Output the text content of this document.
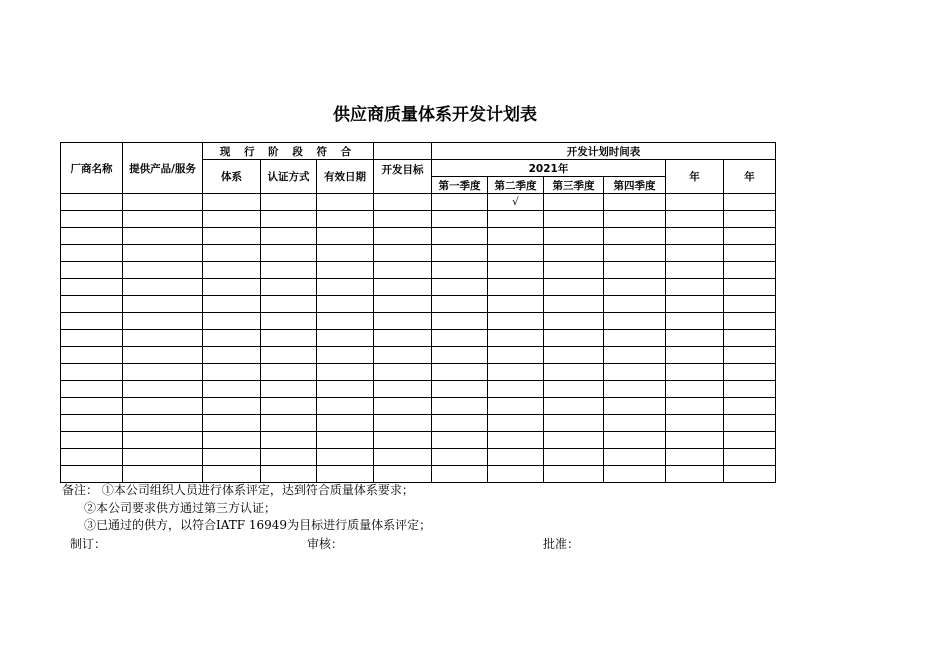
供应商质量体系开发计划表
厂商名称	提供产品/服务	现 行 阶 段 符 合				开发计划时间表					
		体系	认证方式	有效日期	开发目标	2021年				年	年
						第一季度	第二季度	第三季度	第四季度		
							√				

备注： ①本公司组织人员进行体系评定，达到符合质量体系要求；
②本公司要求供方通过第三方认证；
③已通过的供方，以符合IATF 16949为目标进行质量体系评定；
制订：	审核：	批准：
